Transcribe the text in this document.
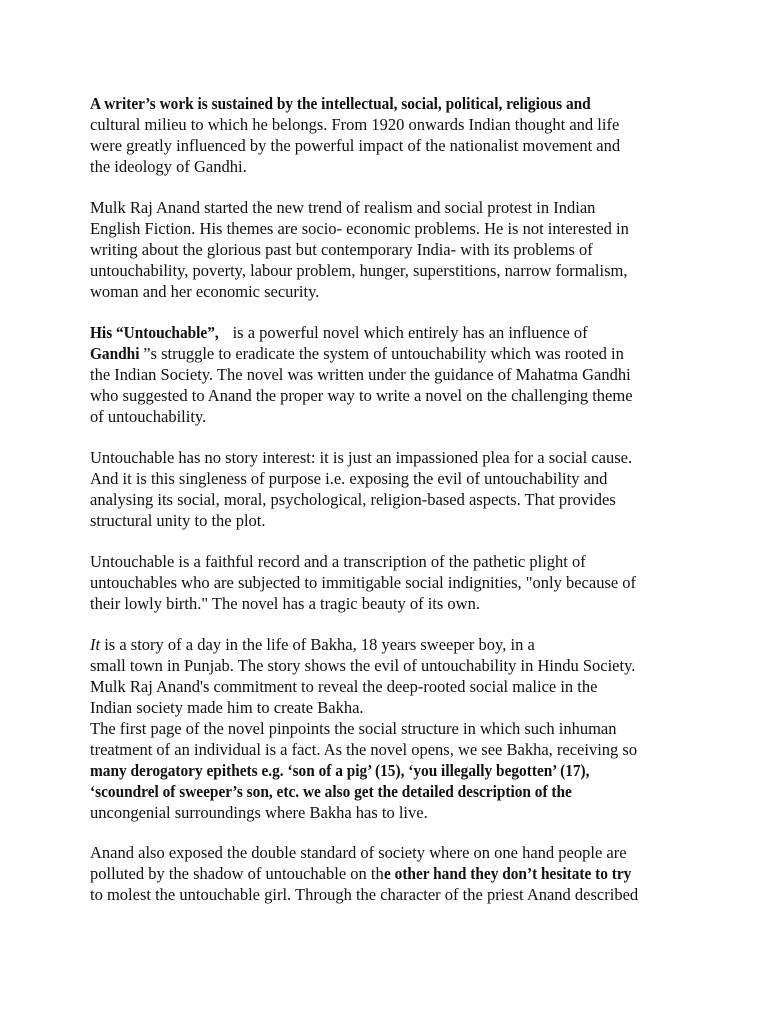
A writer’s work is sustained by the intellectual, social, political, religious and
cultural milieu to which he belongs. From 1920 onwards Indian thought and life
were greatly influenced by the powerful impact of the nationalist movement and
the ideology of Gandhi.
Mulk Raj Anand started the new trend of realism and social protest in Indian
English Fiction. His themes are socio- economic problems. He is not interested in
writing about the glorious past but contemporary India- with its problems of
untouchability, poverty, labour problem, hunger, superstitions, narrow formalism,
woman and her economic security.
His “Untouchable”, is a powerful novel which entirely has an influence of
Gandhi ”s struggle to eradicate the system of untouchability which was rooted in
the Indian Society. The novel was written under the guidance of Mahatma Gandhi
who suggested to Anand the proper way to write a novel on the challenging theme
of untouchability.
Untouchable has no story interest: it is just an impassioned plea for a social cause.
And it is this singleness of purpose i.e. exposing the evil of untouchability and
analysing its social, moral, psychological, religion-based aspects. That provides
structural unity to the plot.
Untouchable is a faithful record and a transcription of the pathetic plight of
untouchables who are subjected to immitigable social indignities, "only because of
their lowly birth." The novel has a tragic beauty of its own.
It is a story of a day in the life of Bakha, 18 years sweeper boy, in a
small town in Punjab. The story shows the evil of untouchability in Hindu Society.
Mulk Raj Anand's commitment to reveal the deep-rooted social malice in the
Indian society made him to create Bakha.
The first page of the novel pinpoints the social structure in which such inhuman
treatment of an individual is a fact. As the novel opens, we see Bakha, receiving so
many derogatory epithets e.g. ‘son of a pig’ (15), ‘you illegally begotten’ (17), ‘scoundrel of sweeper’s son, etc. we also get the detailed description of the
uncongenial surroundings where Bakha has to live.
Anand also exposed the double standard of society where on one hand people are
polluted by the shadow of untouchable on the other hand they don’t hesitate to try
to molest the untouchable girl. Through the character of the priest Anand described
